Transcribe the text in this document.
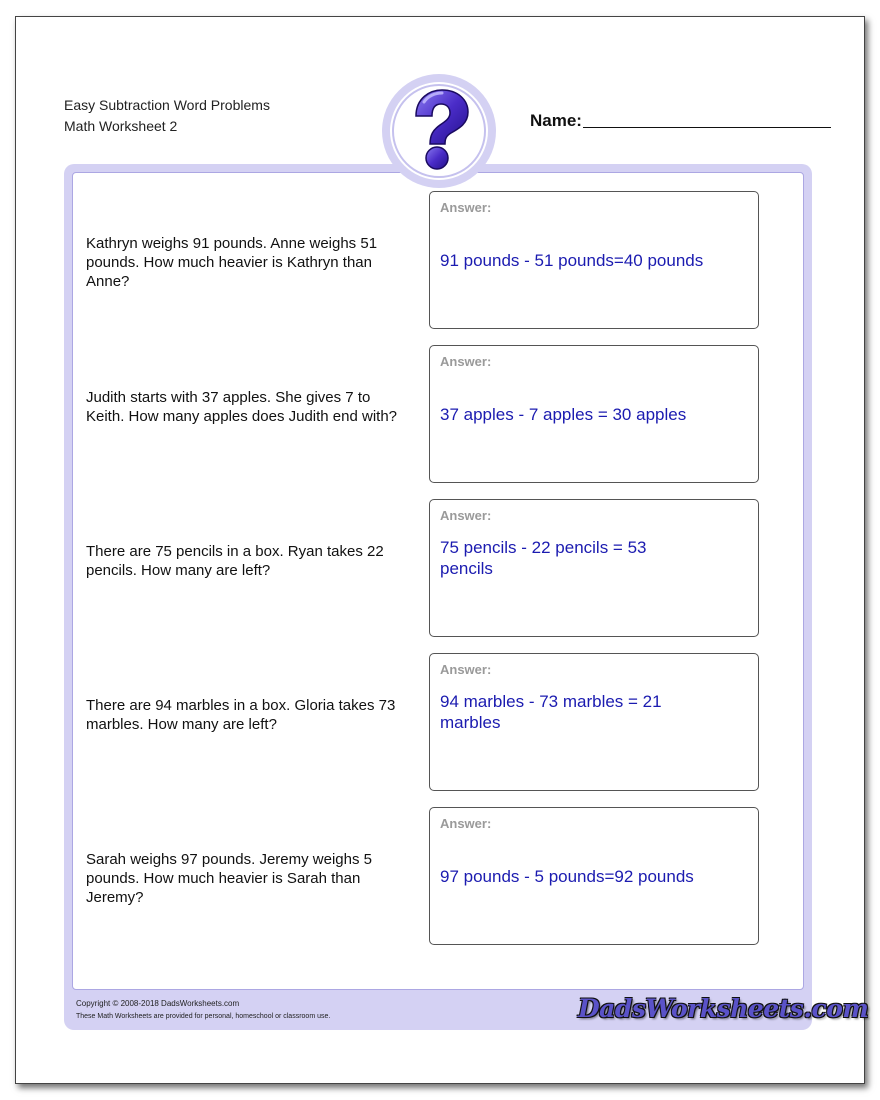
Easy Subtraction Word Problems
Math Worksheet 2	Name:
Kathryn weighs 91 pounds. Anne weighs 51 pounds. How much heavier is Kathryn than Anne?
Answer:
91 pounds - 51 pounds=40 pounds
Judith starts with 37 apples. She gives 7 to Keith. How many apples does Judith end with?
Answer:
37 apples - 7 apples = 30 apples
There are 75 pencils in a box. Ryan takes 22 pencils. How many are left?
Answer:
75 pencils - 22 pencils = 53 pencils
There are 94 marbles in a box. Gloria takes 73 marbles. How many are left?
Answer:
94 marbles - 73 marbles = 21 marbles
Sarah weighs 97 pounds. Jeremy weighs 5 pounds. How much heavier is Sarah than Jeremy?
Answer:
97 pounds - 5 pounds=92 pounds
Copyright © 2008-2018 DadsWorksheets.com
These Math Worksheets are provided for personal, homeschool or classroom use.	DadsWorksheets.com
